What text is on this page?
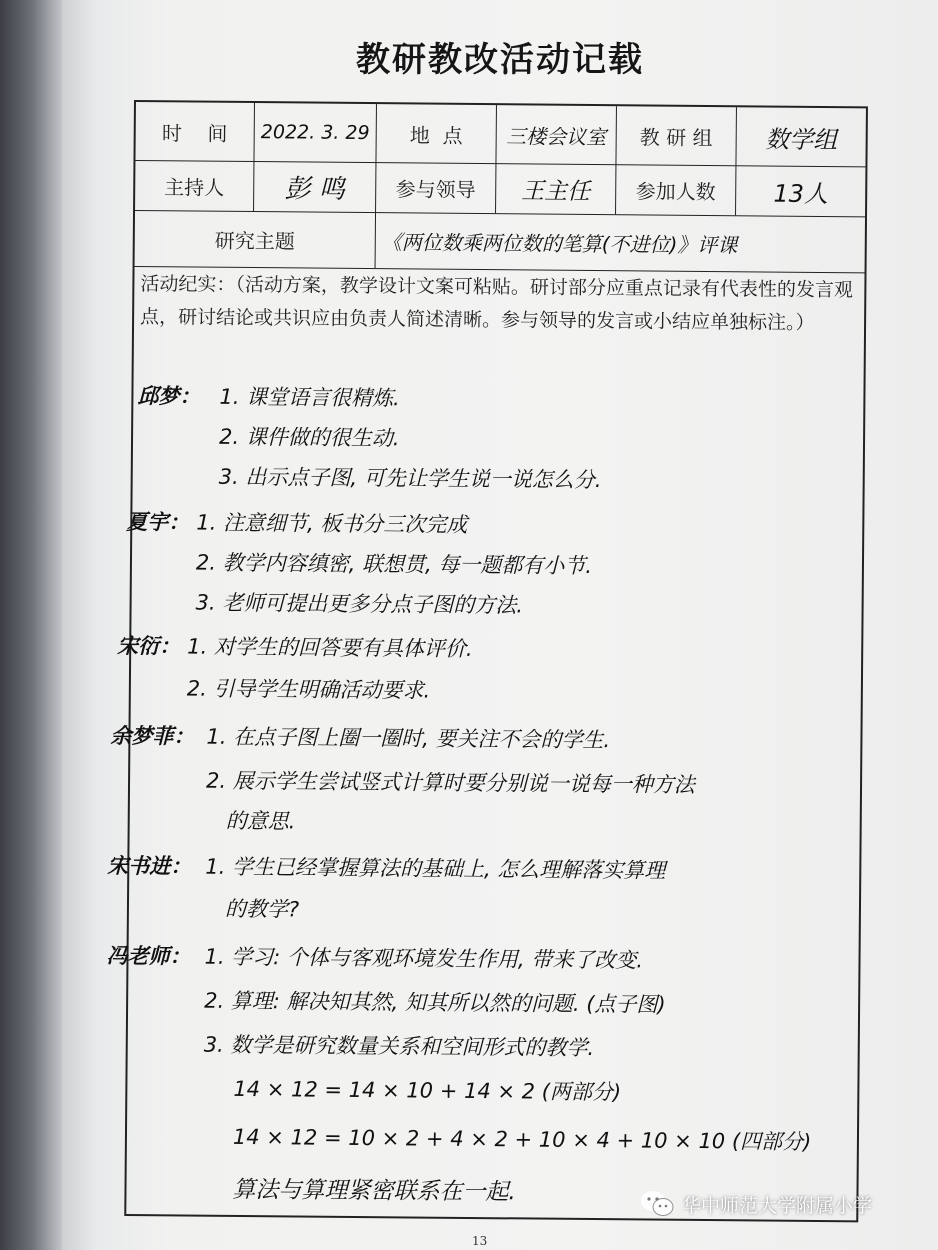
教研教改活动记载
时    间 2022. 3. 29 地  点 三楼会议室 教 研 组 数学组
主持人 彭 鸣	参与领导 王主任 参加人数 13人
研究主题	《两位数乘两位数的笔算(不进位)》评课
活动纪实：（活动方案，教学设计文案可粘贴。研讨部分应重点记录有代表性的发言观点，研讨结论或共识应由负责人简述清晰。参与领导的发言或小结应单独标注。）
邱梦： 1. 课堂语言很精炼.
2. 课件做的很生动.
3. 出示点子图, 可先让学生说一说怎么分.
夏宇： 1. 注意细节, 板书分三次完成
2. 教学内容缜密, 联想贯, 每一题都有小节.
3. 老师可提出更多分点子图的方法.
宋衍： 1. 对学生的回答要有具体评价.
2. 引导学生明确活动要求.
余梦菲： 1. 在点子图上圈一圈时, 要关注不会的学生.
2. 展示学生尝试竖式计算时要分别说一说每一种方法
的意思.
宋书进： 1. 学生已经掌握算法的基础上, 怎么理解落实算理
的教学?
冯老师： 1. 学习: 个体与客观环境发生作用, 带来了改变.
2. 算理: 解决知其然, 知其所以然的问题. (点子图)
3. 数学是研究数量关系和空间形式的教学.
14 × 12 = 14 × 10 + 14 × 2 (两部分)
14 × 12 = 10 × 2 + 4 × 2 + 10 × 4 + 10 × 10 (四部分)
算法与算理紧密联系在一起.
13
华中师范大学附属小学
